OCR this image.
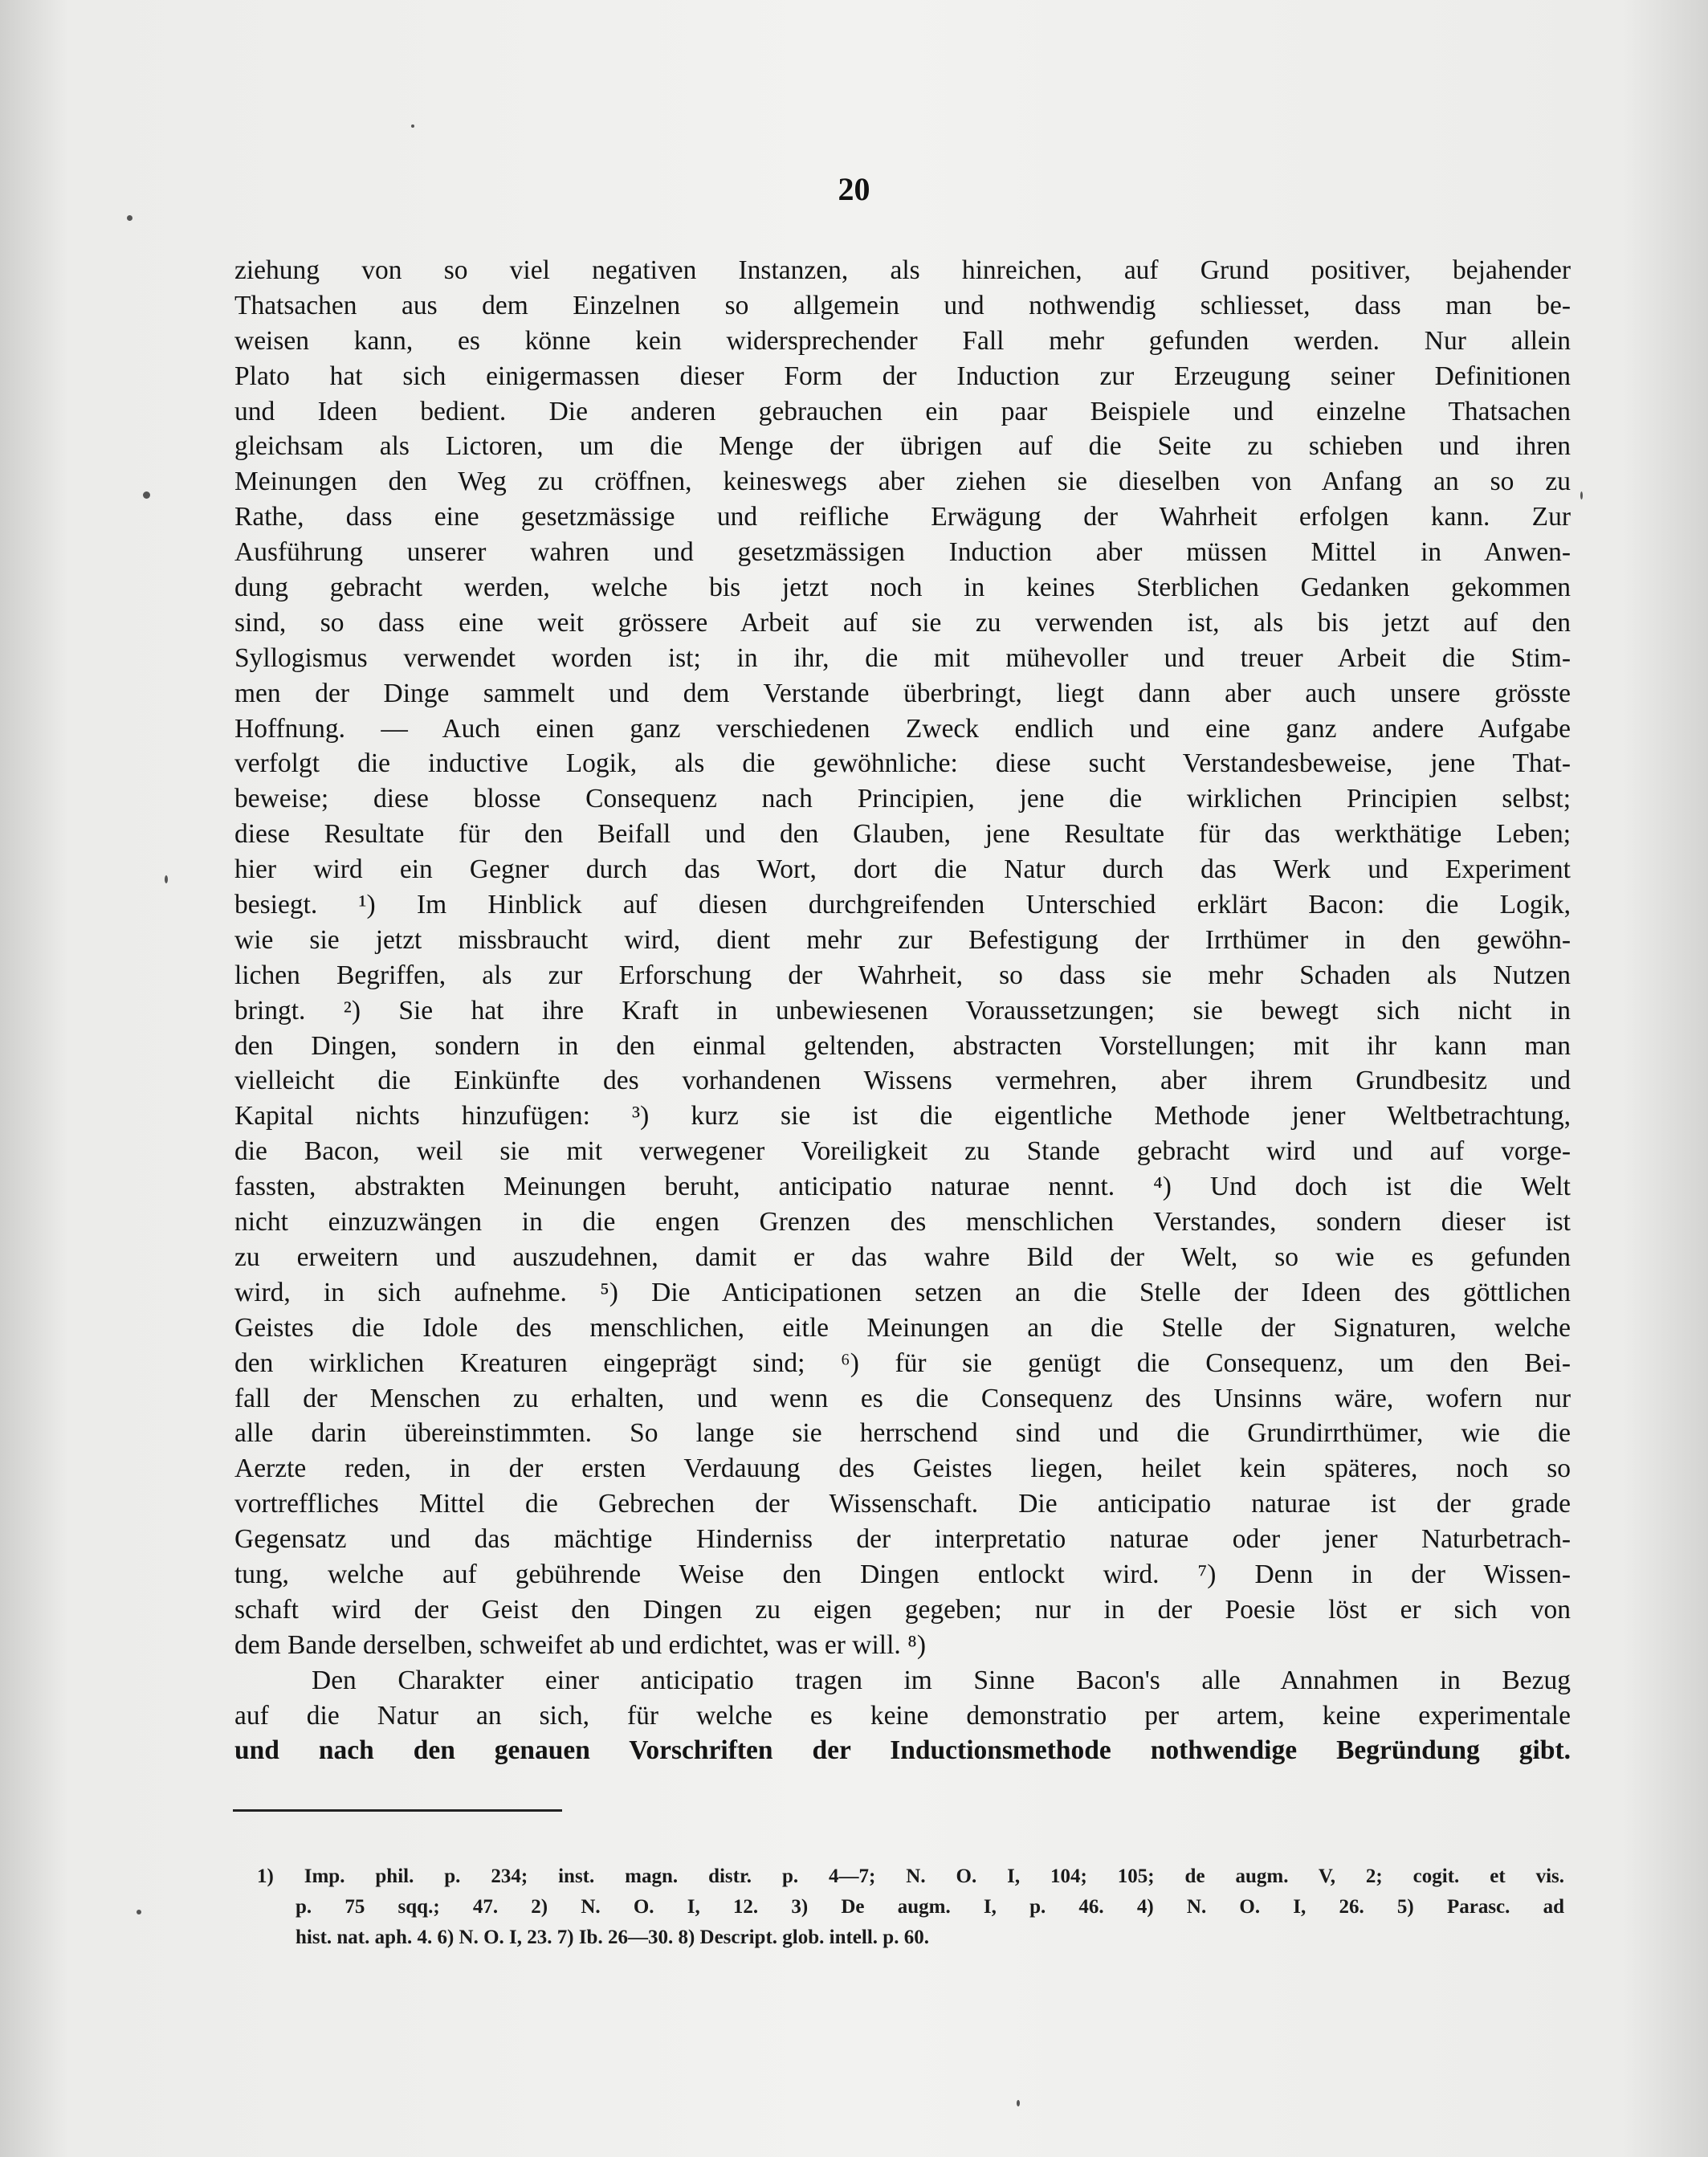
20
ziehung von so viel negativen Instanzen, als hinreichen, auf Grund positiver, bejahender
Thatsachen aus dem Einzelnen so allgemein und nothwendig schliesset, dass man be-
weisen kann, es könne kein widersprechender Fall mehr gefunden werden. Nur allein
Plato hat sich einigermassen dieser Form der Induction zur Erzeugung seiner Definitionen
und Ideen bedient. Die anderen gebrauchen ein paar Beispiele und einzelne Thatsachen
gleichsam als Lictoren, um die Menge der übrigen auf die Seite zu schieben und ihren
Meinungen den Weg zu cröffnen, keineswegs aber ziehen sie dieselben von Anfang an so zu
Rathe, dass eine gesetzmässige und reifliche Erwägung der Wahrheit erfolgen kann. Zur
Ausführung unserer wahren und gesetzmässigen Induction aber müssen Mittel in Anwen-
dung gebracht werden, welche bis jetzt noch in keines Sterblichen Gedanken gekommen
sind, so dass eine weit grössere Arbeit auf sie zu verwenden ist, als bis jetzt auf den
Syllogismus verwendet worden ist; in ihr, die mit mühevoller und treuer Arbeit die Stim-
men der Dinge sammelt und dem Verstande überbringt, liegt dann aber auch unsere grösste
Hoffnung. — Auch einen ganz verschiedenen Zweck endlich und eine ganz andere Aufgabe
verfolgt die inductive Logik, als die gewöhnliche: diese sucht Verstandesbeweise, jene That-
beweise; diese blosse Consequenz nach Principien, jene die wirklichen Principien selbst;
diese Resultate für den Beifall und den Glauben, jene Resultate für das werkthätige Leben;
hier wird ein Gegner durch das Wort, dort die Natur durch das Werk und Experiment
besiegt. ¹) Im Hinblick auf diesen durchgreifenden Unterschied erklärt Bacon: die Logik,
wie sie jetzt missbraucht wird, dient mehr zur Befestigung der Irrthümer in den gewöhn-
lichen Begriffen, als zur Erforschung der Wahrheit, so dass sie mehr Schaden als Nutzen
bringt. ²) Sie hat ihre Kraft in unbewiesenen Voraussetzungen; sie bewegt sich nicht in
den Dingen, sondern in den einmal geltenden, abstracten Vorstellungen; mit ihr kann man
vielleicht die Einkünfte des vorhandenen Wissens vermehren, aber ihrem Grundbesitz und
Kapital nichts hinzufügen: ³) kurz sie ist die eigentliche Methode jener Weltbetrachtung,
die Bacon, weil sie mit verwegener Voreiligkeit zu Stande gebracht wird und auf vorge-
fassten, abstrakten Meinungen beruht, anticipatio naturae nennt. ⁴) Und doch ist die Welt
nicht einzuzwängen in die engen Grenzen des menschlichen Verstandes, sondern dieser ist
zu erweitern und auszudehnen, damit er das wahre Bild der Welt, so wie es gefunden
wird, in sich aufnehme. ⁵) Die Anticipationen setzen an die Stelle der Ideen des göttlichen
Geistes die Idole des menschlichen, eitle Meinungen an die Stelle der Signaturen, welche
den wirklichen Kreaturen eingeprägt sind; ⁶) für sie genügt die Consequenz, um den Bei-
fall der Menschen zu erhalten, und wenn es die Consequenz des Unsinns wäre, wofern nur
alle darin übereinstimmten. So lange sie herrschend sind und die Grundirrthümer, wie die
Aerzte reden, in der ersten Verdauung des Geistes liegen, heilet kein späteres, noch so
vortreffliches Mittel die Gebrechen der Wissenschaft. Die anticipatio naturae ist der grade
Gegensatz und das mächtige Hinderniss der interpretatio naturae oder jener Naturbetrach-
tung, welche auf gebührende Weise den Dingen entlockt wird. ⁷) Denn in der Wissen-
schaft wird der Geist den Dingen zu eigen gegeben; nur in der Poesie löst er sich von
dem Bande derselben, schweifet ab und erdichtet, was er will. ⁸)
Den Charakter einer anticipatio tragen im Sinne Bacon's alle Annahmen in Bezug
auf die Natur an sich, für welche es keine demonstratio per artem, keine experimentale
und nach den genauen Vorschriften der Inductionsmethode nothwendige Begründung gibt.
1) Imp. phil. p. 234; inst. magn. distr. p. 4—7; N. O. I, 104; 105; de augm. V, 2; cogit. et vis.
p. 75 sqq.; 47. 2) N. O. I, 12. 3) De augm. I, p. 46. 4) N. O. I, 26. 5) Parasc. ad
hist. nat. aph. 4. 6) N. O. I, 23. 7) Ib. 26—30. 8) Descript. glob. intell. p. 60.
